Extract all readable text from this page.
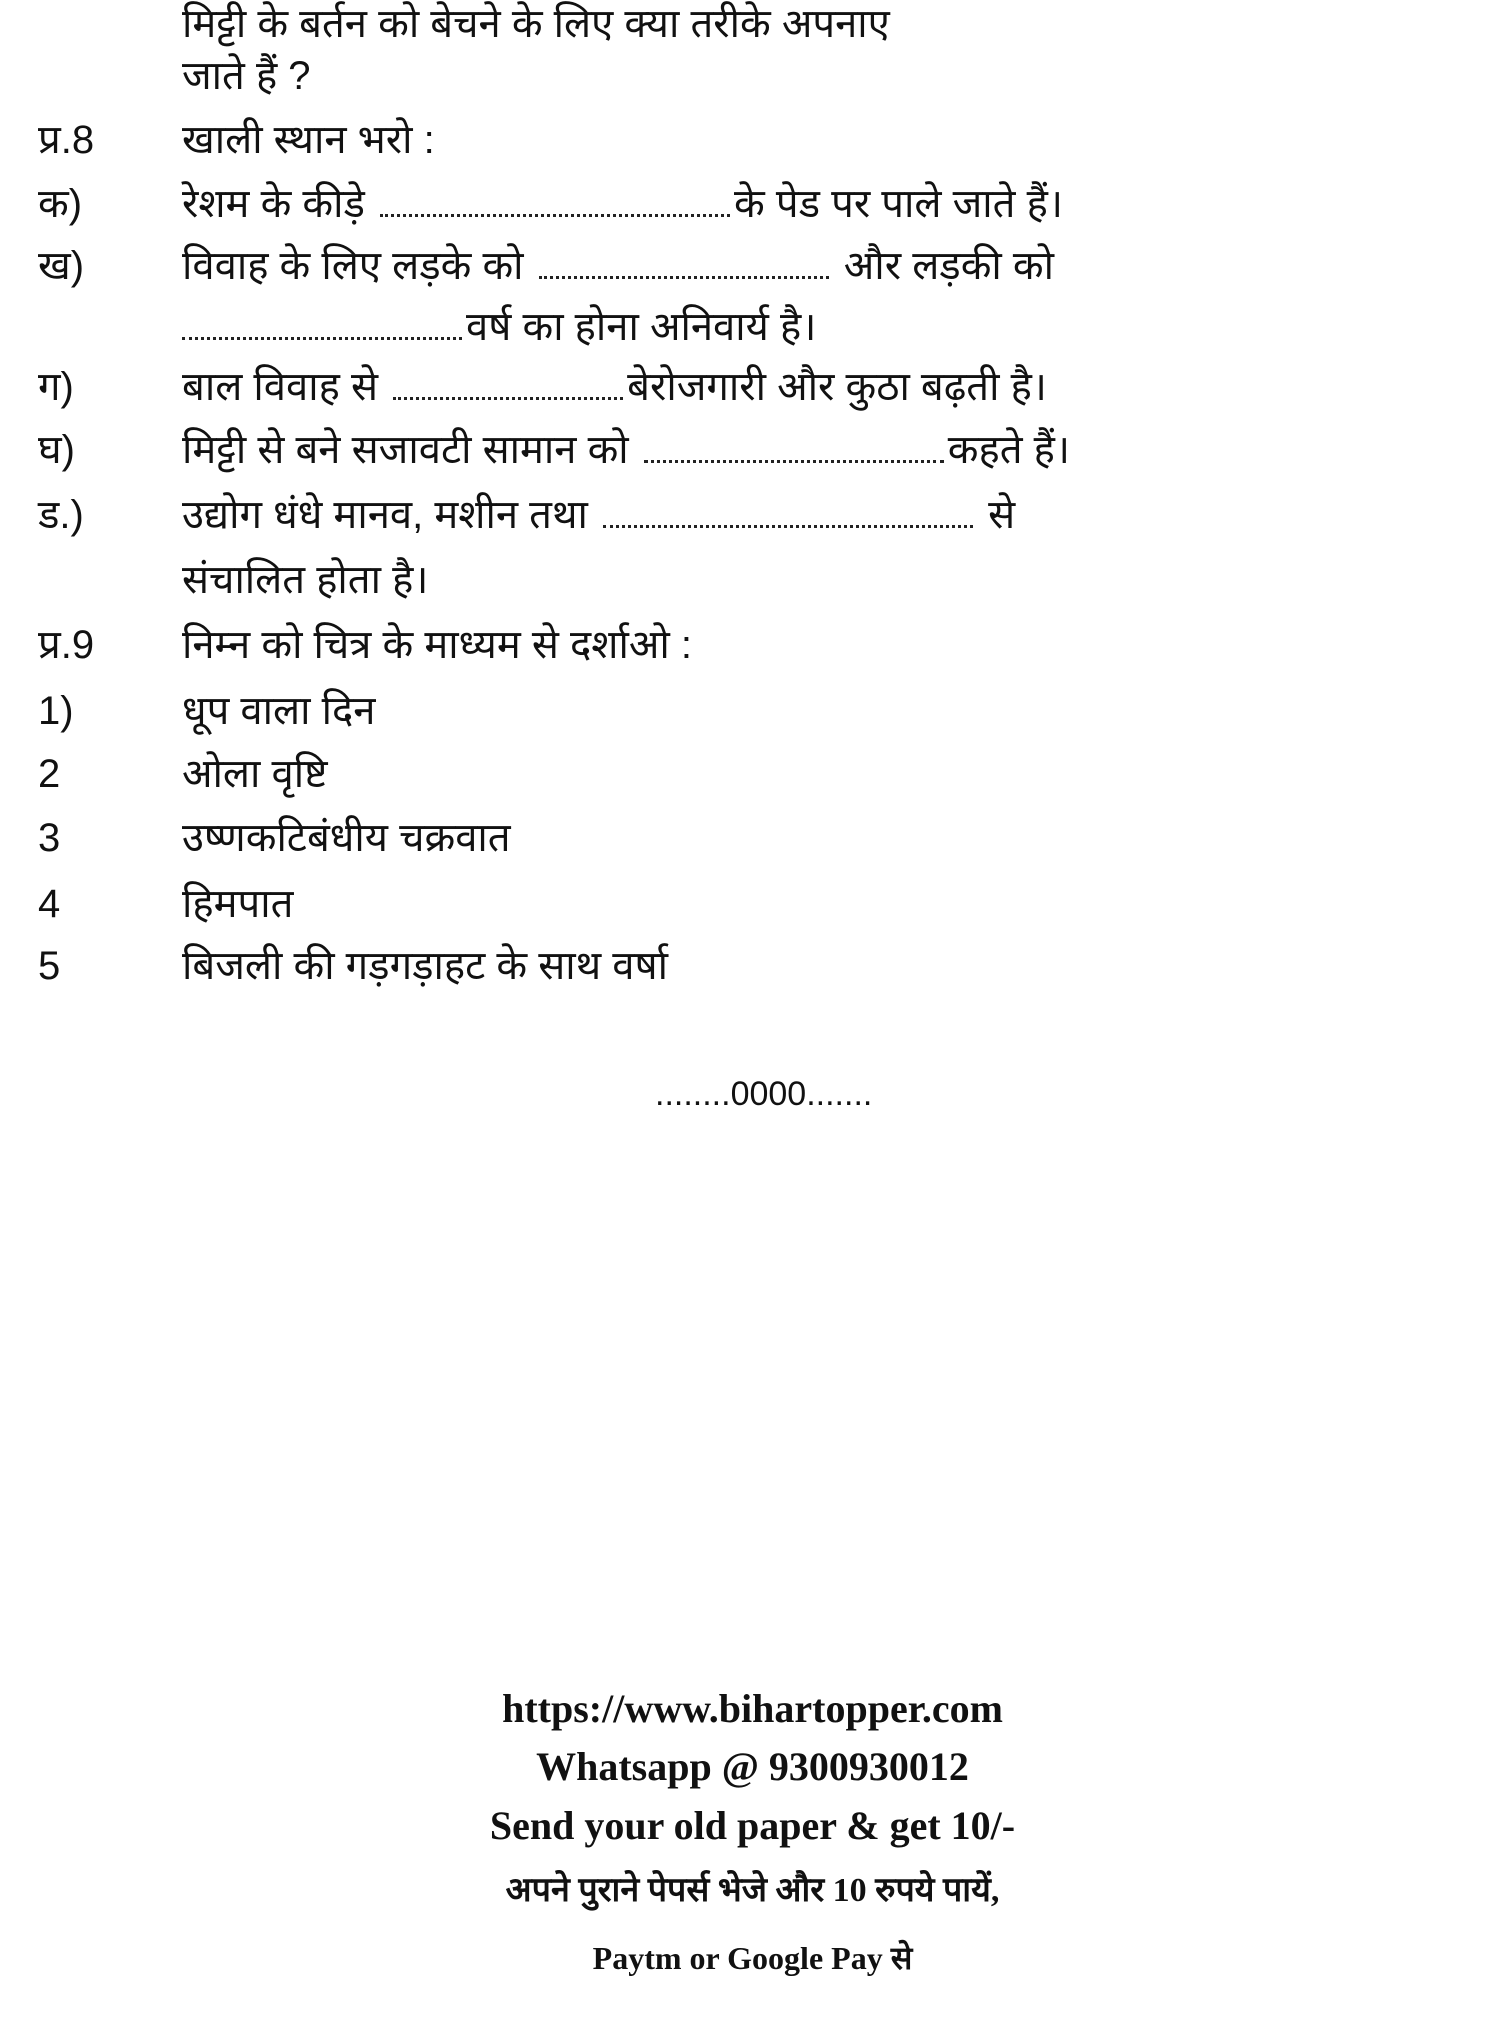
मिट्टी के बर्तन को बेचने के लिए क्या तरीके अपनाए
जाते हैं ?
प्र.8 खाली स्थान भरो :
क) रेशम के कीड़े	के पेड पर पाले जाते हैं।
ख) विवाह के लिए लड़के को	और लड़की को
वर्ष का होना अनिवार्य है।
ग)	बाल विवाह से	बेरोजगारी और कुठा बढ़ती है।
घ)	मिट्टी से बने सजावटी सामान को	कहते हैं।
ड.) उद्योग धंधे मानव, मशीन तथा	से
संचालित होता है।
प्र.9 निम्न को चित्र के माध्यम से दर्शाओ :
1)	धूप वाला दिन
2	ओला वृष्टि
3	उष्णकटिबंधीय चक्रवात
4	हिमपात
5	बिजली की गड़गड़ाहट के साथ वर्षा
........0000.......
https://www.bihartopper.com
Whatsapp @ 9300930012
Send your old paper & get 10/-
अपने पुराने पेपर्स भेजे और 10 रुपये पायें,
Paytm or Google Pay से
